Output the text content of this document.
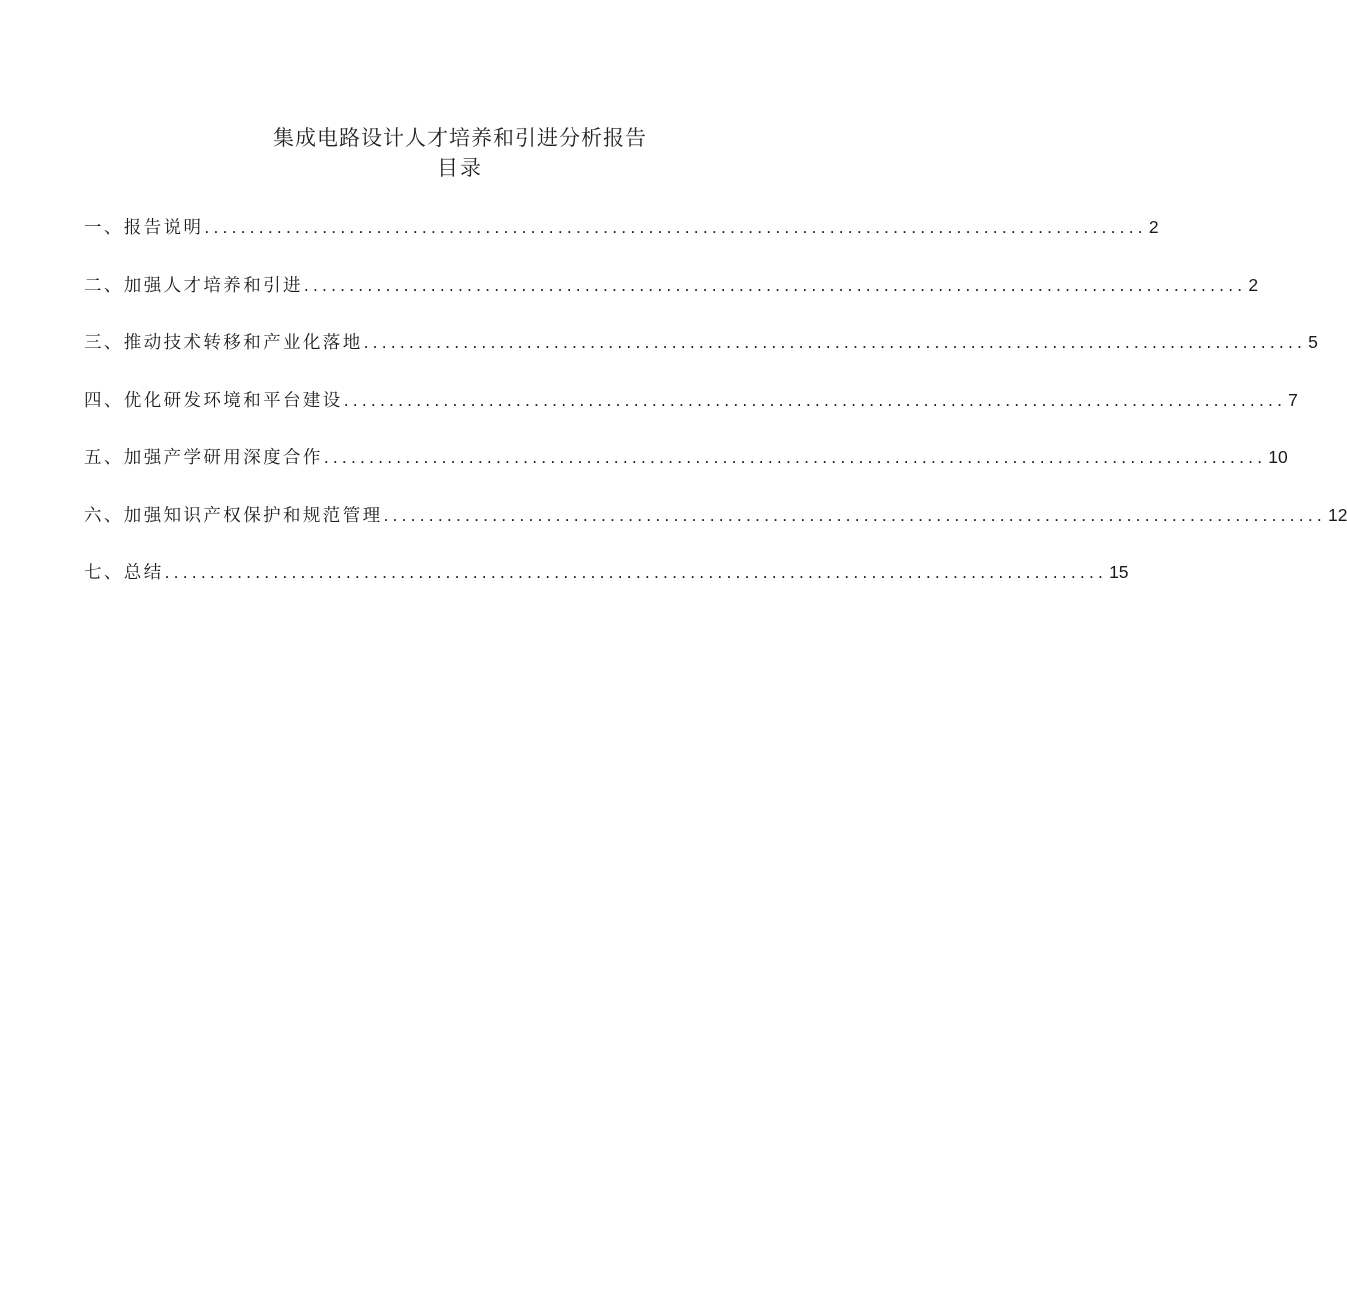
集成电路设计人才培养和引进分析报告
目录
一、报告说明 ........................................................................................................ 2
二、加强人才培养和引进 ........................................................................................................ 2
三、推动技术转移和产业化落地 ........................................................................................................ 5
四、优化研发环境和平台建设 ........................................................................................................ 7
五、加强产学研用深度合作 ........................................................................................................ 10
六、加强知识产权保护和规范管理 ........................................................................................................ 12
七、总结 ........................................................................................................ 15
